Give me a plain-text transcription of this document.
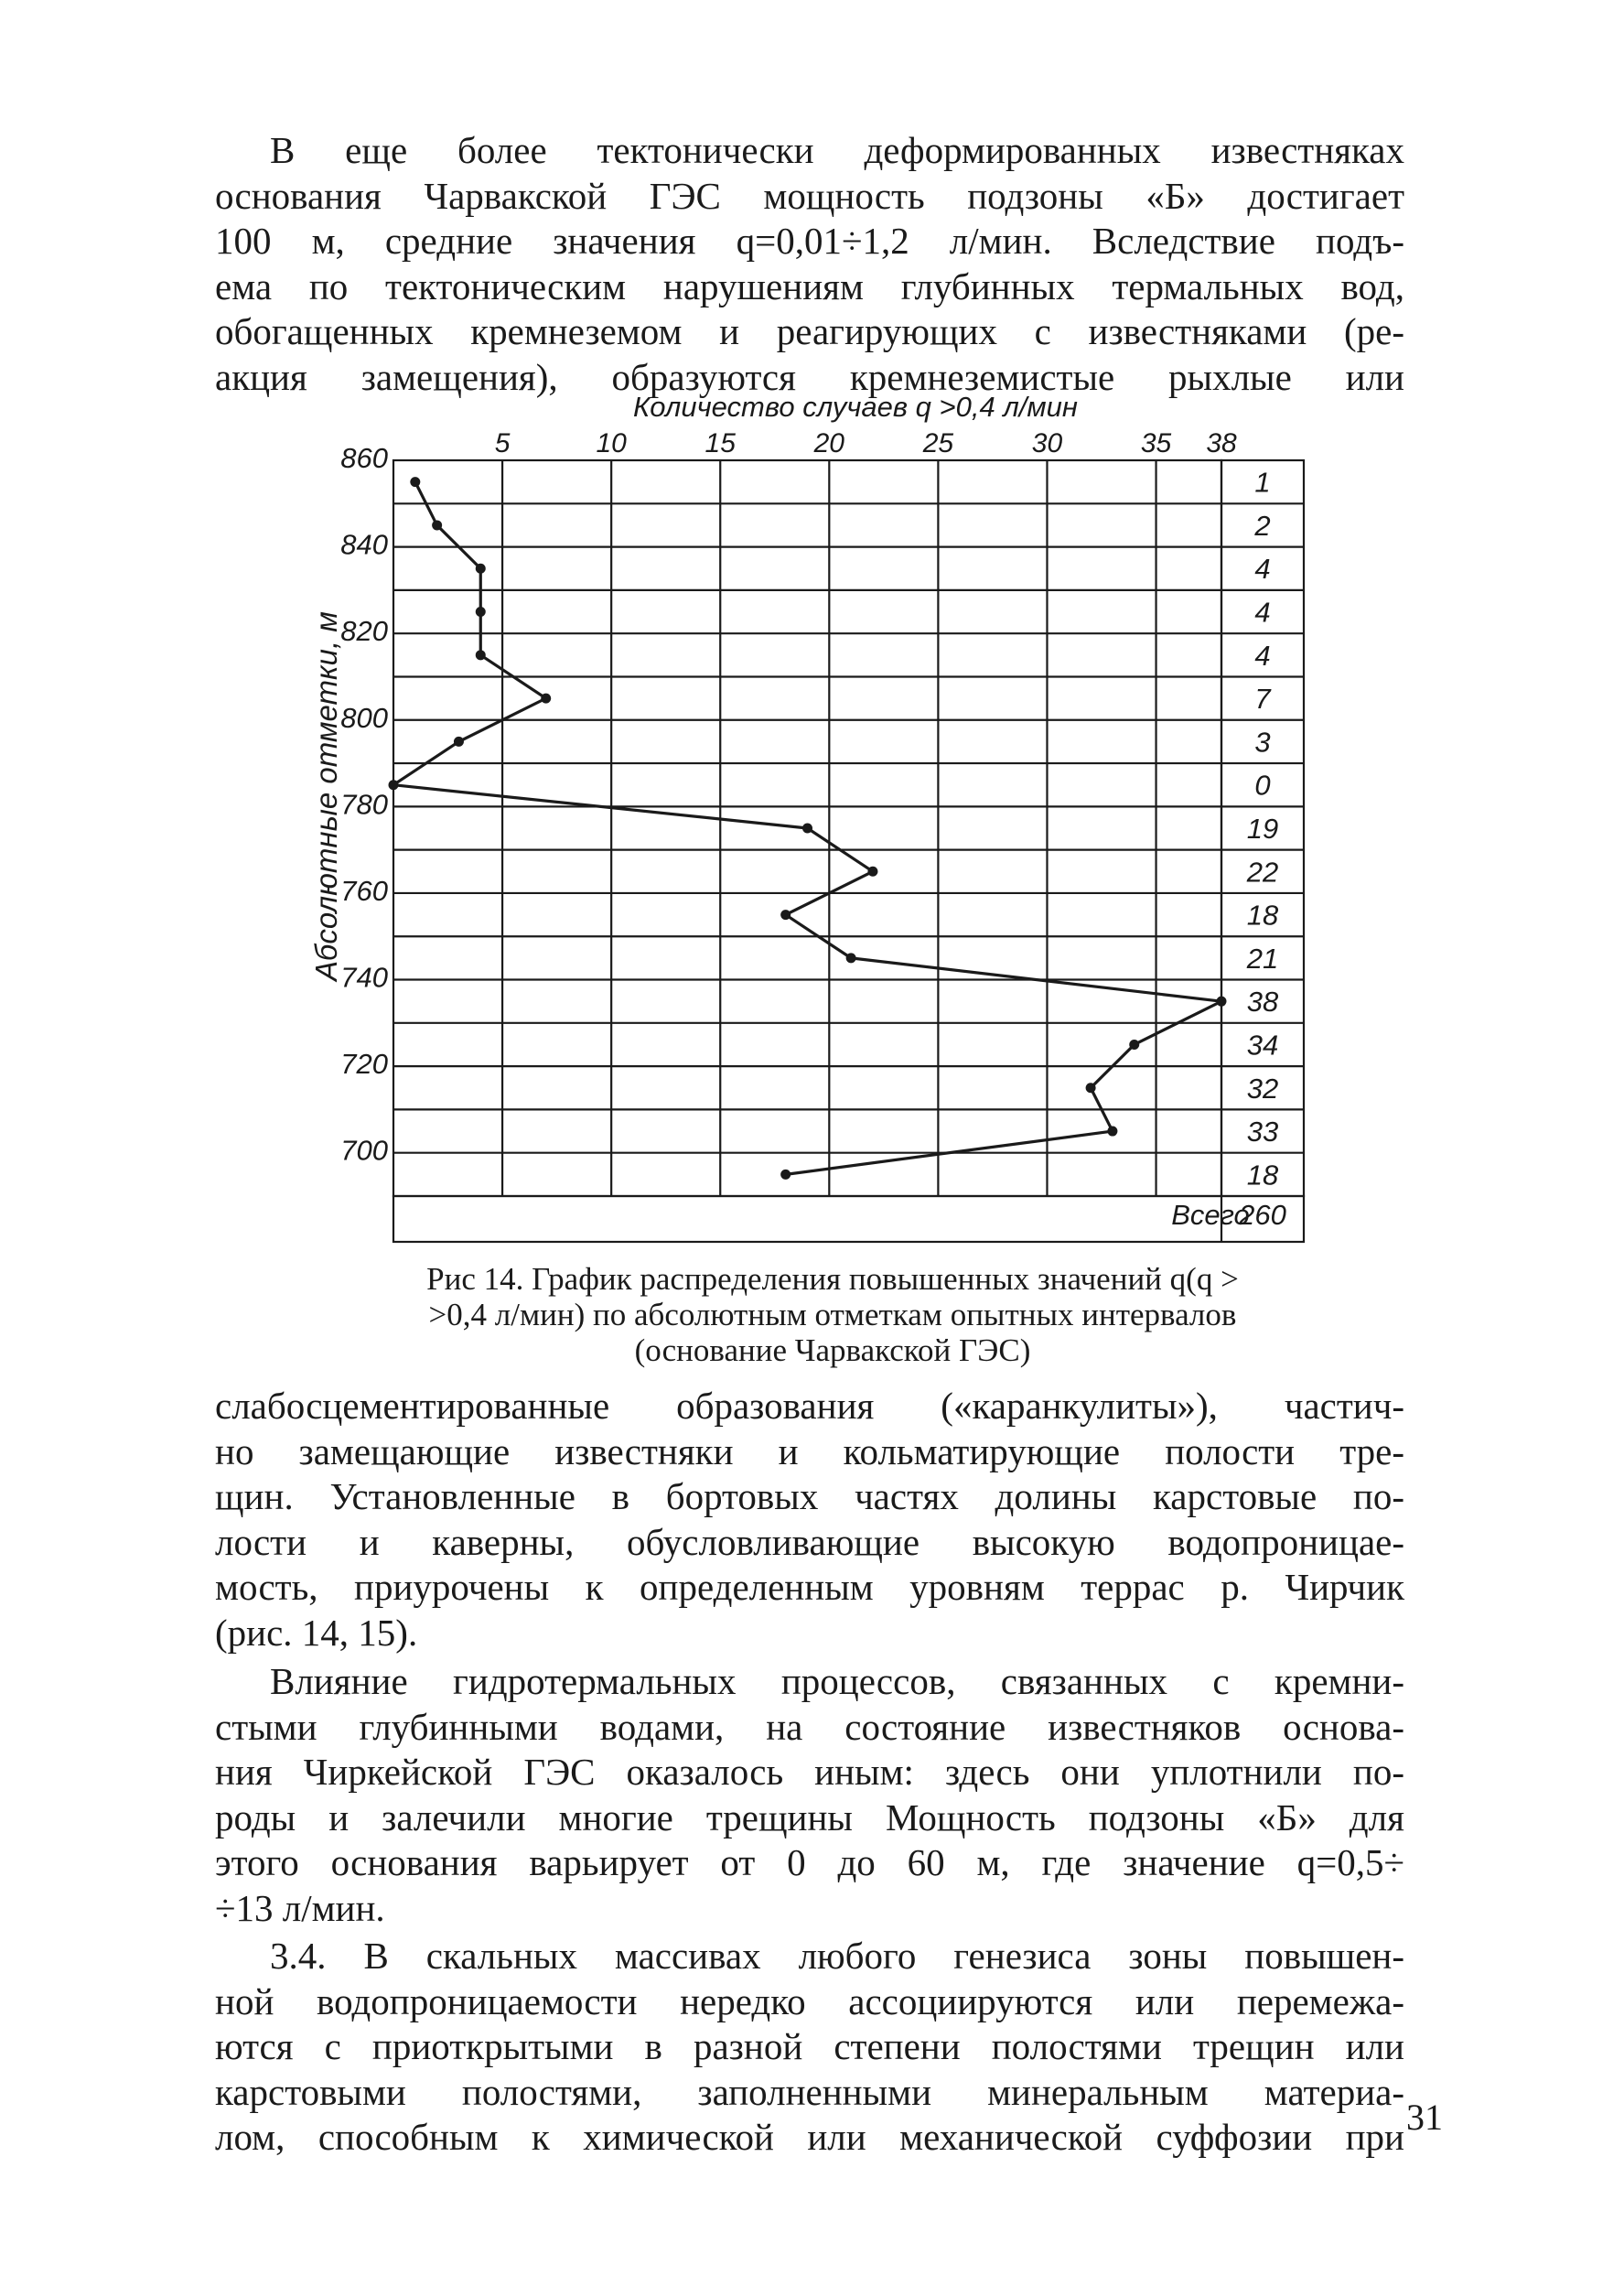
В еще более тектонически деформированных известняках
основания Чарвакской ГЭС мощность подзоны «Б» достигает
100 м, средние значения q=0,01÷1,2 л/мин. Вследствие подъ-
ема по тектоническим нарушениям глубинных термальных вод,
обогащенных кремнеземом и реагирующих с известняками (ре-
акция замещения), образуются кремнеземистые рыхлые или
Количество случаев q >0,4 л/мин
Абсолютные отметки, м
5	10	15	20	25	30	35 38
860
840
820
800
780
760
740
720
700
1
2
4
4
4
7
3
0
19
22
18
21
38
34
32
33
18
Всего
260
Рис 14. График распределения повышенных значений q(q >
>0,4 л/мин) по абсолютным отметкам опытных интервалов
(основание Чарвакской ГЭС)
слабосцементированные образования («каранкулиты»), частич-
но замещающие известняки и кольматирующие полости тре-
щин. Установленные в бортовых частях долины карстовые по-
лости и каверны, обусловливающие высокую водопроницае-
мость, приурочены к определенным уровням террас р. Чирчик
(рис. 14, 15).
Влияние гидротермальных процессов, связанных с кремни-
стыми глубинными водами, на состояние известняков основа-
ния Чиркейской ГЭС оказалось иным: здесь они уплотнили по-
роды и залечили многие трещины Мощность подзоны «Б» для
этого основания варьирует от 0 до 60 м, где значение q=0,5÷
÷13 л/мин.
3.4. В скальных массивах любого генезиса зоны повышен-
ной водопроницаемости нередко ассоциируются или перемежа-
ются с приоткрытыми в разной степени полостями трещин или
карстовыми полостями, заполненными минеральным материа-
лом, способным к химической или механической суффозии при 31
